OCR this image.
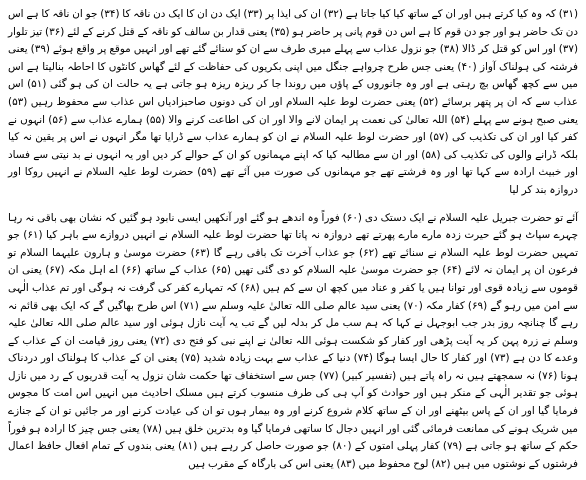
(۳۱) کہ وہ کیا کرتے ہیں اور ان کے ساتھ کیا کیا جاتا ہے (۳۲) ان کی ایذا پر (۳۳) ایک دن ان کا ایک دن ناقہ کا (۳۴) جو ان ناقہ کا ہے اس دن تک حاضر ہو اور جو دن قوم کا ہے اس دن قوم پانی پر حاضر ہو (۳۵) یعنی قدار بن سالف کو ناقہ کے قتل کرنے کے لئے (۳۶) تیز تلوار (۳۷) اور اس کو قتل کر ڈالا (۳۸) جو نزول عذاب سے پہلے میری طرف سے ان کو سنائے گئے تھے اور انہیں موقع پر واقع ہوئے (۳۹) یعنی فرشتہ کی ہولناک آواز (۴۰) یعنی جس طرح چرواہے جنگل میں اپنی بکریوں کی حفاظت کے لئے گھاس کانٹوں کا احاطہ بنالیتا ہے اس میں سے کچھ گھاس بچ رہتی ہے اور وہ جانوروں کے پاؤں میں روندا جا کر ریزہ ریزہ ہو جاتی ہے یہ حالت ان کی ہو گئی (۵۱) اس عذاب سے کہ ان پر پتھر برسائے (۵۲) یعنی حضرت لوط علیہ السلام اور ان کی دونوں صاحبزادیاں اس عذاب سے محفوظ رہیں (۵۳) یعنی صبح ہونے سے پہلے (۵۴) اللہ تعالیٰ کی نعمت پر ایمان لانے والا اور ان کی اطاعت کرنے والا (۵۵) ہمارے عذاب سے (۵۶) انہوں نے کفر کیا اور ان کی تکذیب کی (۵۷) اور حضرت لوط علیہ السلام نے ان کو ہمارے عذاب سے ڈرایا تھا مگر انہوں نے اس پر یقین نہ کیا بلکہ ڈرانے والوں کی تکذیب کی (۵۸) اور ان سے مطالبہ کیا کہ اپنے مہمانوں کو ان کے حوالے کر دیں اور یہ انہوں نے بد نیتی سے فساد اور خبیث ارادہ سے کہا تھا اور وہ فرشتے تھے جو مہمانوں کی صورت میں آئے تھے (۵۹) حضرت لوط علیہ السلام نے انہیں روکا اور دروازہ بند کر لیا

آئے تو حضرت جبریل علیہ السلام نے ایک دستک دی (۶۰) فوراً وہ اندھے ہو گئے اور آنکھیں ایسی نابود ہو گئیں کہ نشان بھی باقی نہ رہا چہرے سپاٹ ہو گئے حیرت زدہ مارے مارے پھرتے تھے دروازہ نہ پاتا تھا حضرت لوط علیہ السلام نے انہیں دروازے سے باہر کیا (۶۱) جو تمہیں حضرت لوط علیہ السلام نے سنائے تھے (۶۲) جو عذاب آخرت تک باقی رہے گا (۶۳) حضرت موسیٰ و ہارون علیہما السلام تو فرعون ان پر ایمان نہ لائے (۶۴) جو حضرت موسیٰ علیہ السلام کو دی گئی تھیں (۶۵) عذاب کے ساتھ (۶۶) اے اہل مکہ (۶۷) یعنی ان قوموں سے زیادہ قوی اور توانا ہیں یا کفر و عناد میں کچھ ان سے کم ہیں (۶۸) کہ تمہارے کفر کی گرفت نہ ہوگی اور تم عذاب الٰہی سے امن میں رہو گے (۶۹) کفار مکہ (۷۰) یعنی سید عالم صلی اللہ تعالیٰ علیہ وسلم سے (۷۱) اس طرح بھاگیں گے کہ ایک بھی قائم نہ رہے گا چنانچہ روز بدر جب ابوجہل نے کہا کہ ہم سب مل کر بدلہ لیں گے تب یہ آیت نازل ہوئی اور سید عالم صلی اللہ تعالیٰ علیہ وسلم نے زرہ پہن کر یہ آیت پڑھی اور کفار کو شکست ہوئی اللہ تعالیٰ نے اپنے نبی کو فتح دی (۷۲) یعنی روز قیامت ان کے عذاب کے وعدے کا دن ہے (۷۳) اور کفار کا حال ایسا ہوگا (۷۴) دنیا کے عذاب سے بہت زیادہ شدید (۷۵) یعنی ان کے عذاب کا ہولناک اور دردناک ہونا (۷۶) نہ سمجھتے ہیں نہ راہ پاتے ہیں (تفسیر کبیر) (۷۷) جس سے استخفاف تھا حکمت شان نزول یہ آیت قدریوں کے رد میں نازل ہوئی جو تقدیر الٰہی کے منکر ہیں اور حوادث کو آپ ہی کی طرف منسوب کرتے ہیں مسلک احادیث میں انہیں اس امت کا مجوس فرمایا گیا اور ان کے پاس بیٹھنے اور ان کے ساتھ کلام شروع کرنے اور وہ بیمار ہوں تو ان کی عیادت کرنے اور مر جائیں تو ان کے جنازے میں شریک ہونے کی ممانعت فرمائی گئی اور انہیں دجال کا ساتھی فرمایا گیا وہ بدترین خلق ہیں (۷۸) یعنی جس چیز کا ارادہ ہو فوراً حکم کے ساتھ ہو جاتی ہے (۷۹) کفار پہلی امتوں کے (۸۰) جو صورت حاصل کر رہے ہیں (۸۱) یعنی بندوں کے تمام افعال حافظ اعمال فرشتوں کے نوشتوں میں ہیں (۸۲) لوح محفوظ میں (۸۳) یعنی اس کی بارگاہ کے مقرب ہیں
